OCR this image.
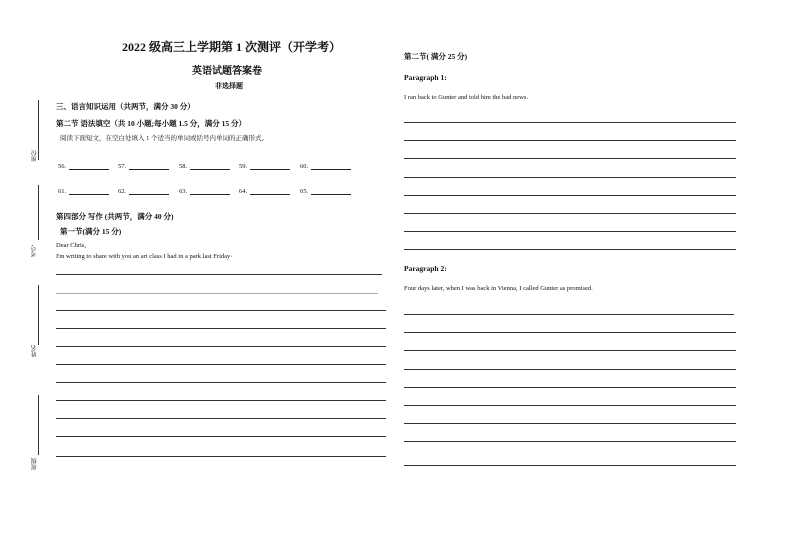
班级
姓名
考号
座位
2022 级高三上学期第 1 次测评（开学考）
英语试题答案卷
非选择题
三、语言知识运用（共两节，满分 30 分）
第二节 语法填空（共 10 小题;每小题 1.5 分，满分 15 分）
阅读下面短文，在空白处填入 1 个适当的单词或括号内单词的正确形式。
56.	57.	58.	59.	60.
61.	62.	63.	64.	65.
第四部分 写作 (共两节，满分 40 分)
第一节(满分 15 分)
Dear Chris,
I'm writing to share with you an art class I had in a park last Friday·
第二节( 满分 25 分)
Paragraph 1:
I ran back to Gunter and told him the bad news.
Paragraph 2:
Four days later, when I was back in Vienna, I called Gunter as promised.
